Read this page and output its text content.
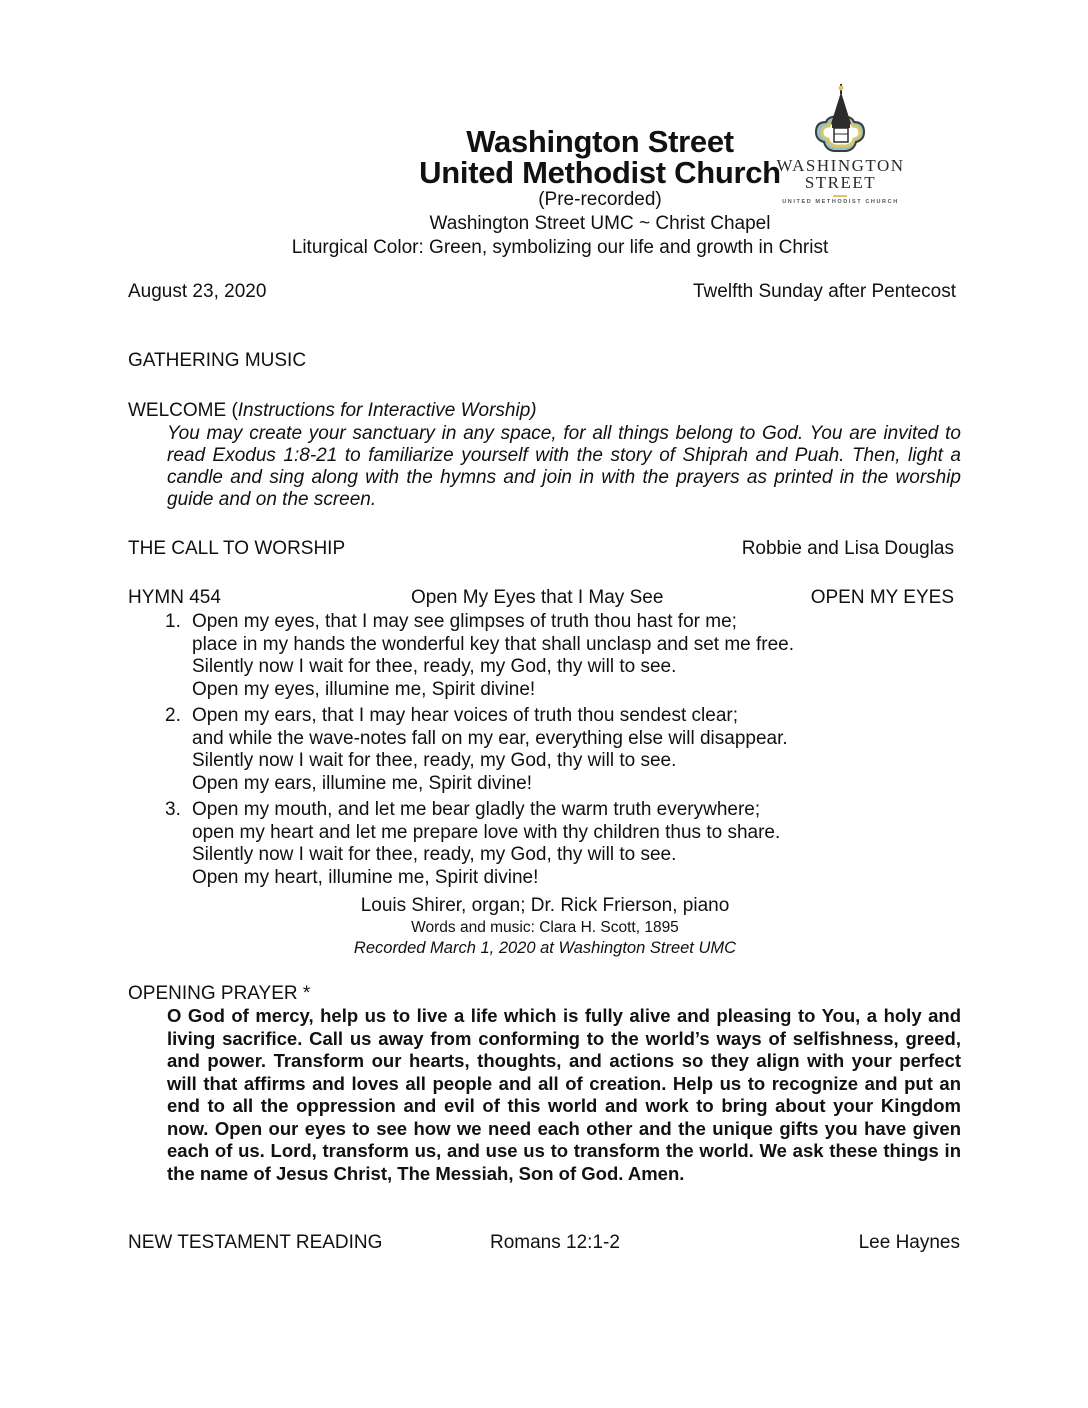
Washington Street
United Methodist Church
(Pre-recorded)
Washington Street UMC ~ Christ Chapel
Liturgical Color: Green, symbolizing our life and growth in Christ
WASHINGTON
STREET
UNITED METHODIST CHURCH
August 23, 2020	Twelfth Sunday after Pentecost
GATHERING MUSIC
WELCOME (Instructions for Interactive Worship)
You may create your sanctuary in any space, for all things belong to God. You are invited to read Exodus 1:8-21 to familiarize yourself with the story of Shiprah and Puah. Then, light a candle and sing along with the hymns and join in with the prayers as printed in the worship guide and on the screen.
THE CALL TO WORSHIP	Robbie and Lisa Douglas
HYMN 454	Open My Eyes that I May See	OPEN MY EYES
1. Open my eyes, that I may see glimpses of truth thou hast for me;
place in my hands the wonderful key that shall unclasp and set me free.
Silently now I wait for thee, ready, my God, thy will to see.
Open my eyes, illumine me, Spirit divine!
2. Open my ears, that I may hear voices of truth thou sendest clear;
and while the wave-notes fall on my ear, everything else will disappear.
Silently now I wait for thee, ready, my God, thy will to see.
Open my ears, illumine me, Spirit divine!
3. Open my mouth, and let me bear gladly the warm truth everywhere;
open my heart and let me prepare love with thy children thus to share.
Silently now I wait for thee, ready, my God, thy will to see.
Open my heart, illumine me, Spirit divine!
Louis Shirer, organ; Dr. Rick Frierson, piano
Words and music: Clara H. Scott, 1895
Recorded March 1, 2020 at Washington Street UMC
OPENING PRAYER *
O God of mercy, help us to live a life which is fully alive and pleasing to You, a holy and living sacrifice. Call us away from conforming to the world’s ways of selfishness, greed, and power. Transform our hearts, thoughts, and actions so they align with your perfect will that affirms and loves all people and all of creation. Help us to recognize and put an end to all the oppression and evil of this world and work to bring about your Kingdom now. Open our eyes to see how we need each other and the unique gifts you have given each of us. Lord, transform us, and use us to transform the world. We ask these things in the name of Jesus Christ, The Messiah, Son of God. Amen.
NEW TESTAMENT READING	Romans 12:1-2	Lee Haynes
